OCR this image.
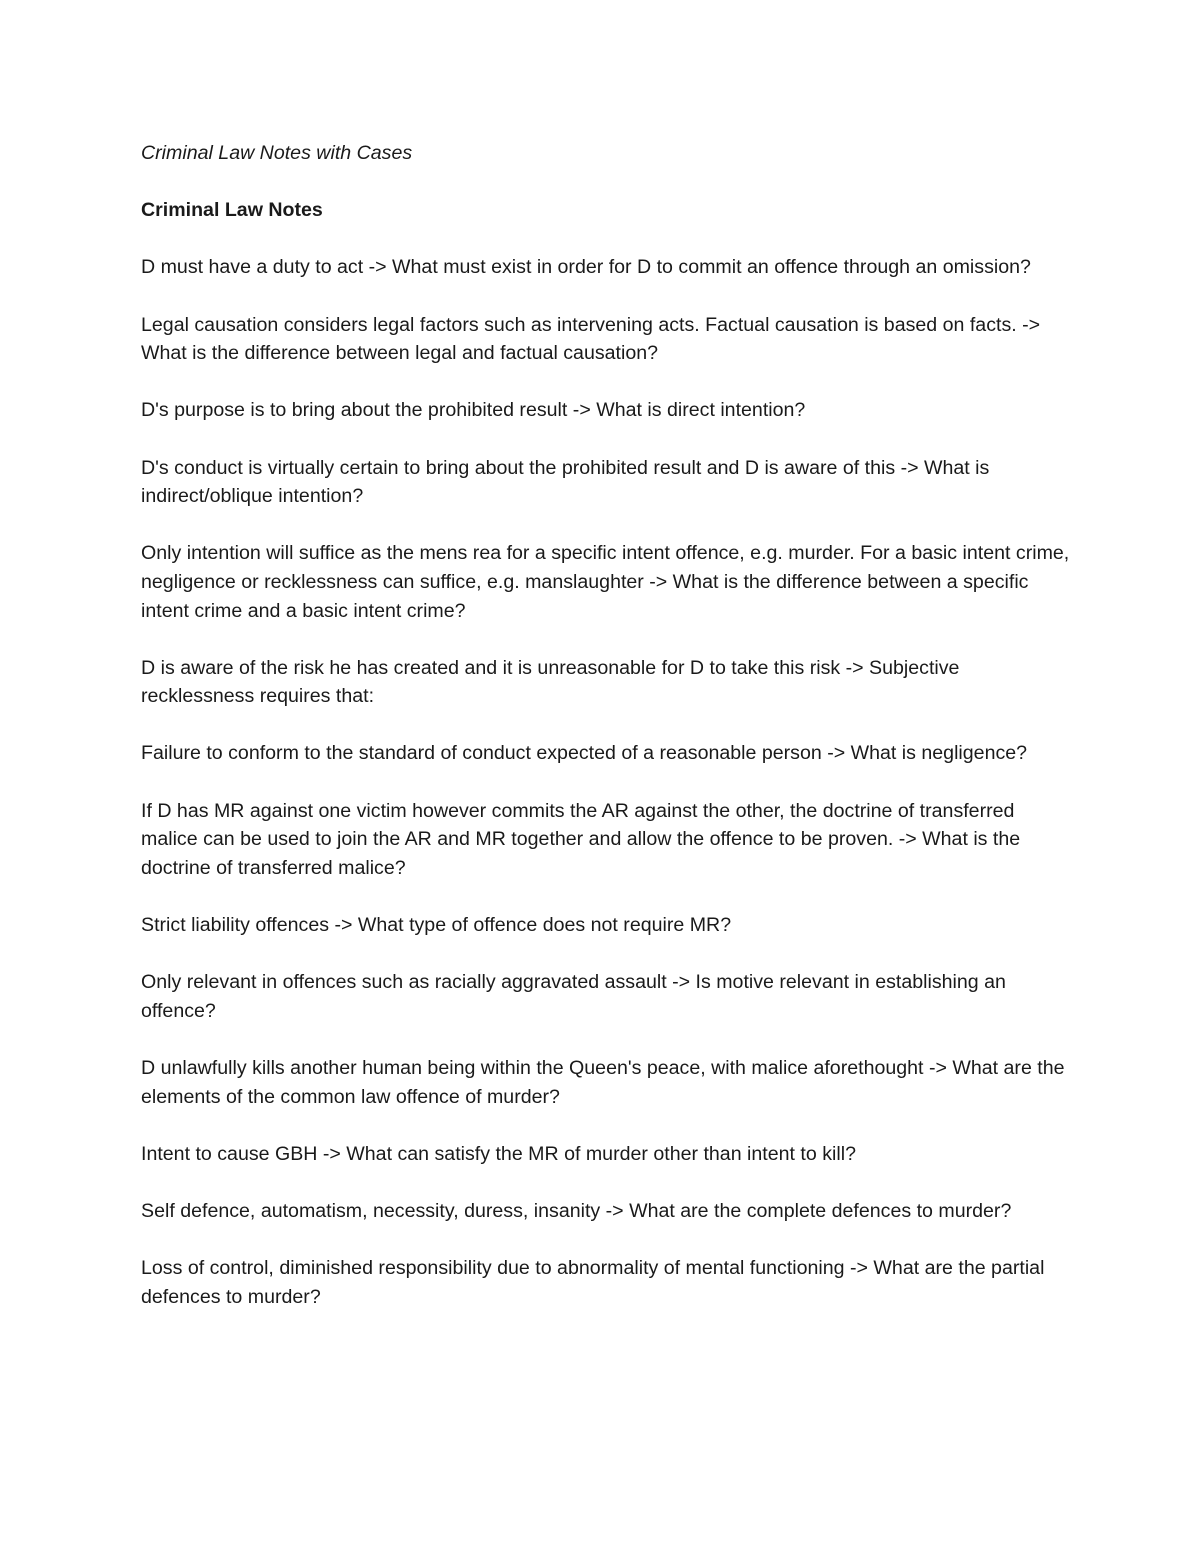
Criminal Law Notes with Cases

Criminal Law Notes

D must have a duty to act -> What must exist in order for D to commit an offence through an omission?

Legal causation considers legal factors such as intervening acts. Factual causation is based on facts. -> What is the difference between legal and factual causation?

D's purpose is to bring about the prohibited result -> What is direct intention?

D's conduct is virtually certain to bring about the prohibited result and D is aware of this -> What is indirect/oblique intention?

Only intention will suffice as the mens rea for a specific intent offence, e.g. murder. For a basic intent crime, negligence or recklessness can suffice, e.g. manslaughter -> What is the difference between a specific intent crime and a basic intent crime?

D is aware of the risk he has created and it is unreasonable for D to take this risk -> Subjective recklessness requires that:

Failure to conform to the standard of conduct expected of a reasonable person -> What is negligence?

If D has MR against one victim however commits the AR against the other, the doctrine of transferred malice can be used to join the AR and MR together and allow the offence to be proven. -> What is the doctrine of transferred malice?

Strict liability offences -> What type of offence does not require MR?

Only relevant in offences such as racially aggravated assault -> Is motive relevant in establishing an offence?

D unlawfully kills another human being within the Queen's peace, with malice aforethought -> What are the elements of the common law offence of murder?

Intent to cause GBH -> What can satisfy the MR of murder other than intent to kill?

Self defence, automatism, necessity, duress, insanity -> What are the complete defences to murder?

Loss of control, diminished responsibility due to abnormality of mental functioning -> What are the partial defences to murder?
